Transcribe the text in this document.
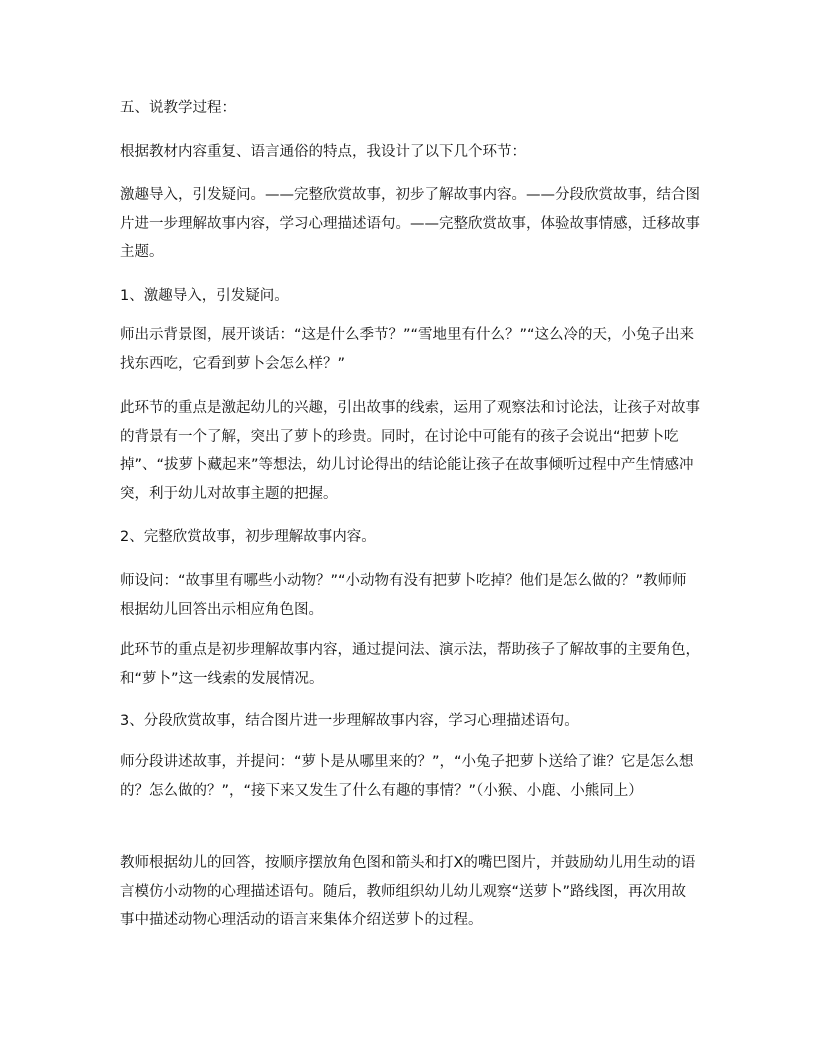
五、说教学过程：

根据教材内容重复、语言通俗的特点，我设计了以下几个环节：

激趣导入，引发疑问。——完整欣赏故事，初步了解故事内容。——分段欣赏故事，结合图片进一步理解故事内容，学习心理描述语句。——完整欣赏故事，体验故事情感，迁移故事主题。

1、激趣导入，引发疑问。

师出示背景图，展开谈话：“这是什么季节？”“雪地里有什么？”“这么冷的天，小兔子出来找东西吃，它看到萝卜会怎么样？”

此环节的重点是激起幼儿的兴趣，引出故事的线索，运用了观察法和讨论法，让孩子对故事的背景有一个了解，突出了萝卜的珍贵。同时，在讨论中可能有的孩子会说出“把萝卜吃掉”、“拔萝卜藏起来”等想法，幼儿讨论得出的结论能让孩子在故事倾听过程中产生情感冲突，利于幼儿对故事主题的把握。

2、完整欣赏故事，初步理解故事内容。

师设问：“故事里有哪些小动物？”“小动物有没有把萝卜吃掉？他们是怎么做的？”教师师根据幼儿回答出示相应角色图。

此环节的重点是初步理解故事内容，通过提问法、演示法，帮助孩子了解故事的主要角色，和“萝卜”这一线索的发展情况。

3、分段欣赏故事，结合图片进一步理解故事内容，学习心理描述语句。

师分段讲述故事，并提问：“萝卜是从哪里来的？”，“小兔子把萝卜送给了谁？它是怎么想的？怎么做的？”，“接下来又发生了什么有趣的事情？”（小猴、小鹿、小熊同上）

教师根据幼儿的回答，按顺序摆放角色图和箭头和打X的嘴巴图片，并鼓励幼儿用生动的语言模仿小动物的心理描述语句。随后，教师组织幼儿幼儿观察“送萝卜”路线图，再次用故事中描述动物心理活动的语言来集体介绍送萝卜的过程。
